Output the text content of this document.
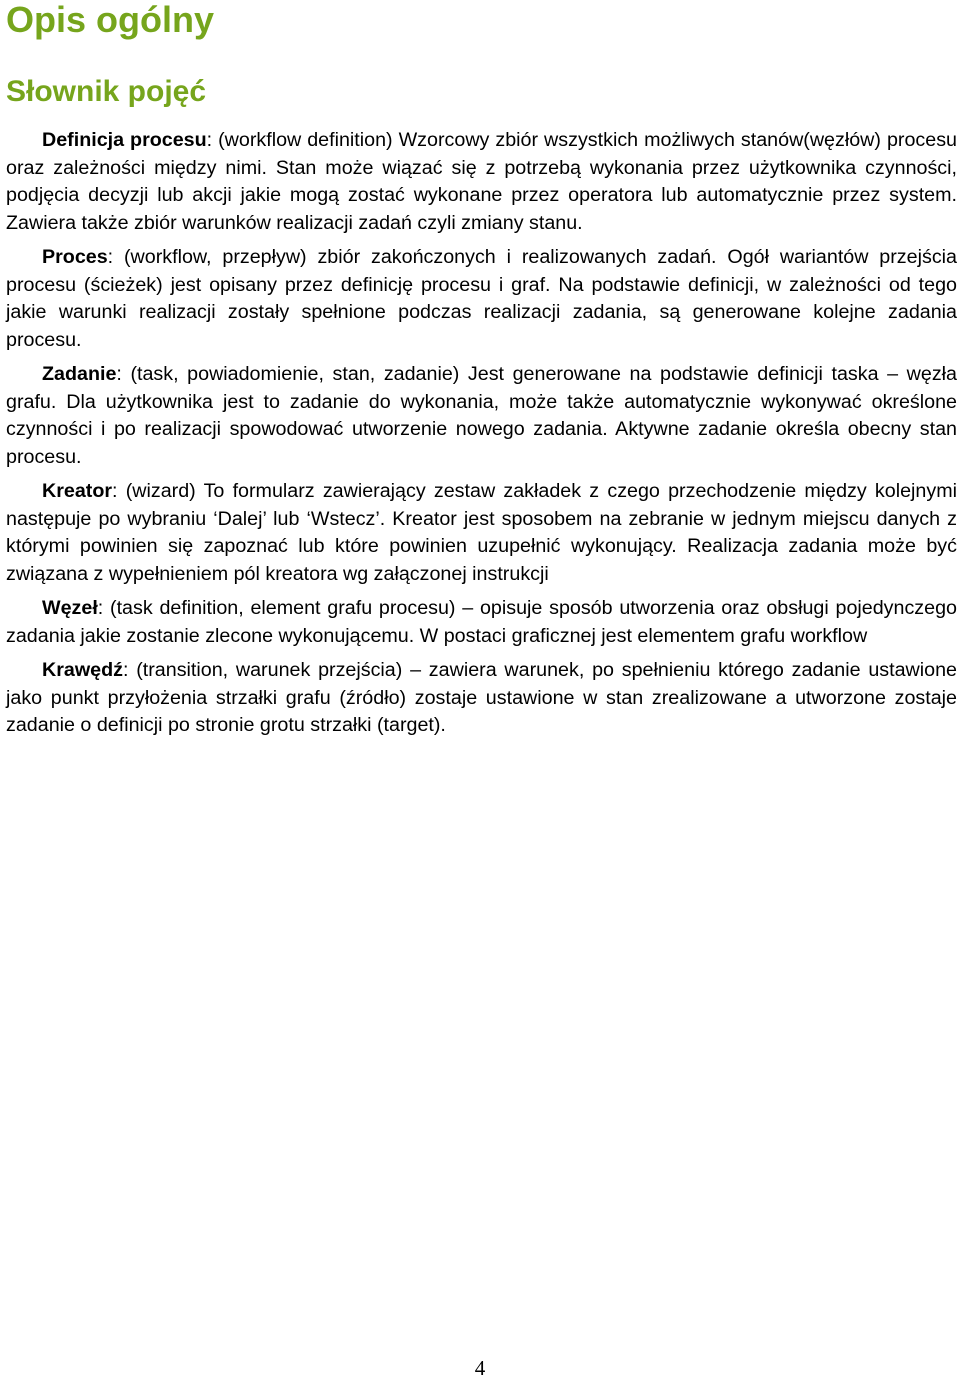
Opis ogólny
Słownik pojęć

Definicja procesu: (workflow definition) Wzorcowy zbiór wszystkich możliwych stanów(węzłów) procesu oraz zależności między nimi. Stan może wiązać się z potrzebą wykonania przez użytkownika czynności, podjęcia decyzji lub akcji jakie mogą zostać wykonane przez operatora lub automatycznie przez system. Zawiera także zbiór warunków realizacji zadań czyli zmiany stanu.

Proces: (workflow, przepływ) zbiór zakończonych i realizowanych zadań. Ogół wariantów przejścia procesu (ścieżek) jest opisany przez definicję procesu i graf. Na podstawie definicji, w zależności od tego jakie warunki realizacji zostały spełnione podczas realizacji zadania, są generowane kolejne zadania procesu.

Zadanie: (task, powiadomienie, stan, zadanie) Jest generowane na podstawie definicji taska – węzła grafu. Dla użytkownika jest to zadanie do wykonania, może także automatycznie wykonywać określone czynności i po realizacji spowodować utworzenie nowego zadania. Aktywne zadanie określa obecny stan procesu.

Kreator: (wizard) To formularz zawierający zestaw zakładek z czego przechodzenie między kolejnymi następuje po wybraniu ‘Dalej’ lub ‘Wstecz’. Kreator jest sposobem na zebranie w jednym miejscu danych z którymi powinien się zapoznać lub które powinien uzupełnić wykonujący. Realizacja zadania może być związana z wypełnieniem pól kreatora wg załączonej instrukcji

Węzeł: (task definition, element grafu procesu) – opisuje sposób utworzenia oraz obsługi pojedynczego zadania jakie zostanie zlecone wykonującemu. W postaci graficznej jest elementem grafu workflow

Krawędź: (transition, warunek przejścia) – zawiera warunek, po spełnieniu którego zadanie ustawione jako punkt przyłożenia strzałki grafu (źródło) zostaje ustawione w stan zrealizowane a utworzone zostaje zadanie o definicji po stronie grotu strzałki (target).

4
